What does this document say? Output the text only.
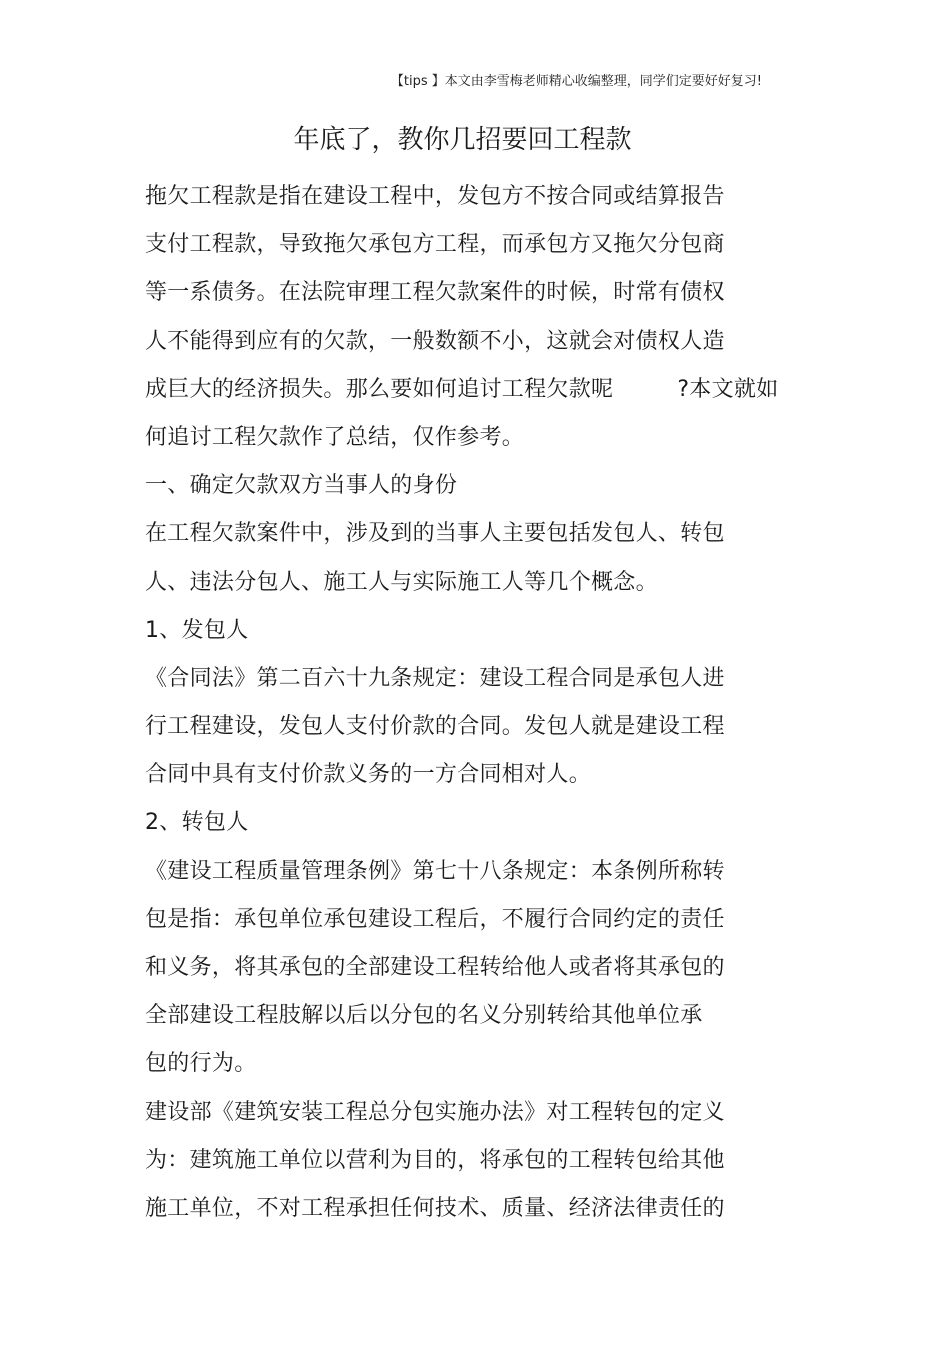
【tips 】本文由李雪梅老师精心收编整理，同学们定要好好复习!
年底了，教你几招要回工程款
拖欠工程款是指在建设工程中，发包方不按合同或结算报告
支付工程款，导致拖欠承包方工程，而承包方又拖欠分包商
等一系债务。在法院审理工程欠款案件的时候，时常有债权
人不能得到应有的欠款，一般数额不小，这就会对债权人造
成巨大的经济损失。那么要如何追讨工程欠款呢	?本文就如
何追讨工程欠款作了总结，仅作参考。
一、确定欠款双方当事人的身份
在工程欠款案件中，涉及到的当事人主要包括发包人、转包
人、违法分包人、施工人与实际施工人等几个概念。
1、发包人
《合同法》第二百六十九条规定：建设工程合同是承包人进
行工程建设，发包人支付价款的合同。发包人就是建设工程
合同中具有支付价款义务的一方合同相对人。
2、转包人
《建设工程质量管理条例》第七十八条规定：本条例所称转
包是指：承包单位承包建设工程后，不履行合同约定的责任
和义务，将其承包的全部建设工程转给他人或者将其承包的
全部建设工程肢解以后以分包的名义分别转给其他单位承
包的行为。
建设部《建筑安装工程总分包实施办法》对工程转包的定义
为：建筑施工单位以营利为目的，将承包的工程转包给其他
施工单位，不对工程承担任何技术、质量、经济法律责任的
